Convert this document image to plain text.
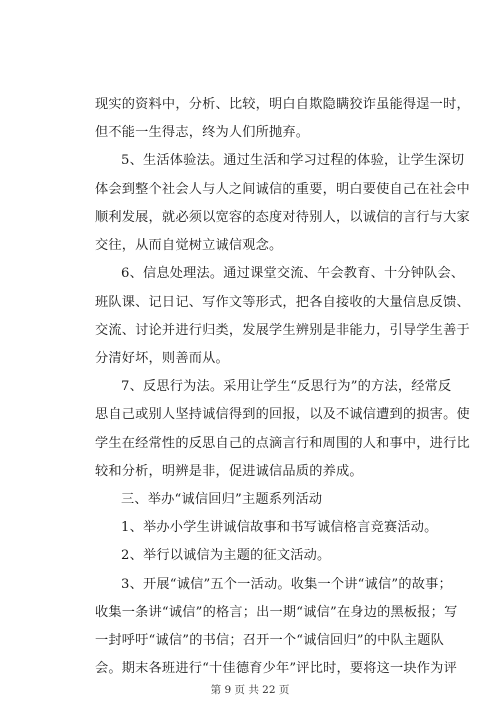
现实的资料中，分析、比较，明白自欺隐瞒狡诈虽能得逞一时，
但不能一生得志，终为人们所抛弃。
5、生活体验法。通过生活和学习过程的体验，让学生深切
体会到整个社会人与人之间诚信的重要，明白要使自己在社会中
顺利发展，就必须以宽容的态度对待别人，以诚信的言行与大家
交往，从而自觉树立诚信观念。
6、信息处理法。通过课堂交流、午会教育、十分钟队会、
班队课、记日记、写作文等形式，把各自接收的大量信息反馈、
交流、讨论并进行归类，发展学生辨别是非能力，引导学生善于
分清好坏，则善而从。
7、反思行为法。采用让学生“反思行为”的方法，经常反
思自己或别人坚持诚信得到的回报，以及不诚信遭到的损害。使
学生在经常性的反思自己的点滴言行和周围的人和事中，进行比
较和分析，明辨是非，促进诚信品质的养成。
三、举办“诚信回归”主题系列活动
1、举办小学生讲诚信故事和书写诚信格言竞赛活动。
2、举行以诚信为主题的征文活动。
3、开展“诚信”五个一活动。收集一个讲“诚信”的故事；
收集一条讲“诚信”的格言；出一期“诚信”在身边的黑板报；写
一封呼吁“诚信”的书信；召开一个“诚信回归”的中队主题队
会。期末各班进行“十佳德育少年”评比时，要将这一块作为评
第 9 页 共 22 页
